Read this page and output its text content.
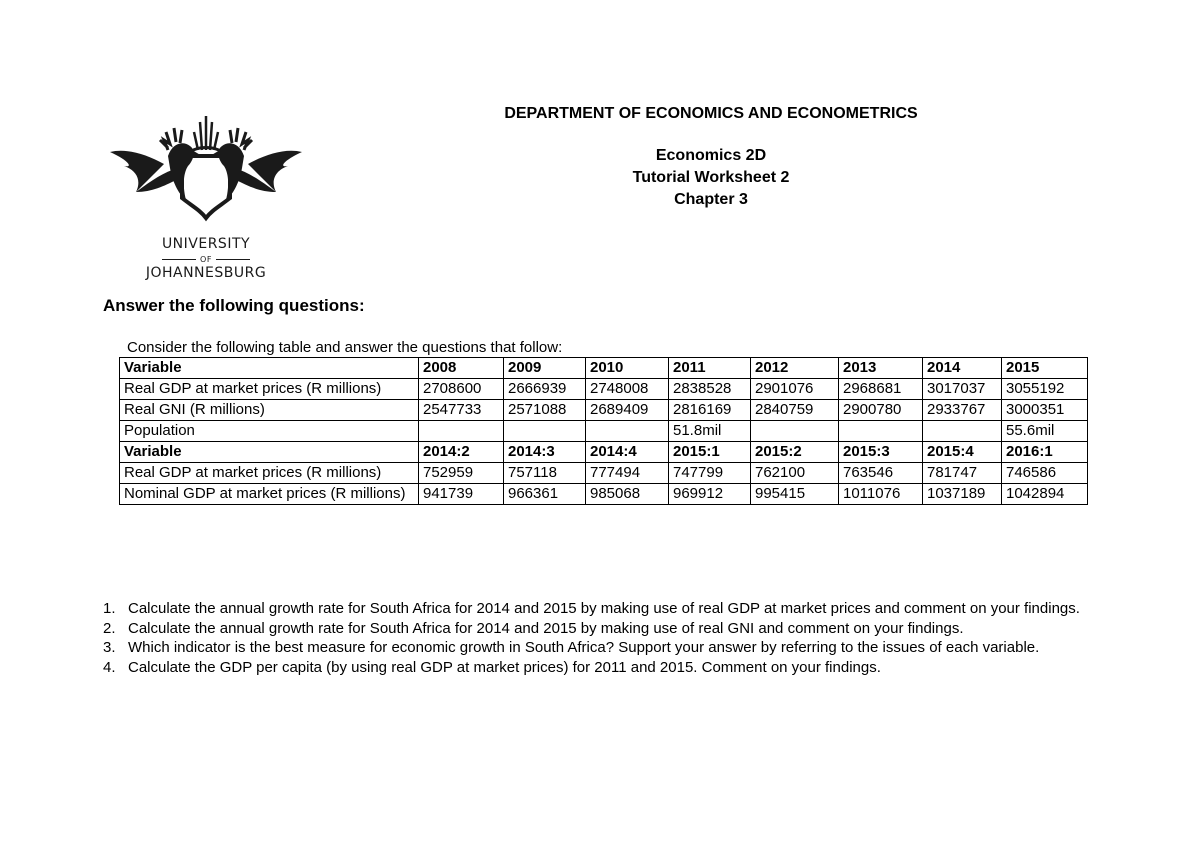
UNIVERSITY
OF
JOHANNESBURG
DEPARTMENT OF ECONOMICS AND ECONOMETRICS
Economics 2D
Tutorial Worksheet 2
Chapter 3
Answer the following questions:
Consider the following table and answer the questions that follow:
Variable	2008	2009	2010	2011	2012	2013	2014	2015
Real GDP at market prices (R millions)	2708600	2666939	2748008	2838528	2901076	2968681	3017037	3055192
Real GNI (R millions)	2547733	2571088	2689409	2816169	2840759	2900780	2933767	3000351
Population				51.8mil				55.6mil
Variable	2014:2	2014:3	2014:4	2015:1	2015:2	2015:3	2015:4	2016:1
Real GDP at market prices (R millions)	752959	757118	777494	747799	762100	763546	781747	746586
Nominal GDP at market prices (R millions)	941739	966361	985068	969912	995415	1011076	1037189	1042894
1. Calculate the annual growth rate for South Africa for 2014 and 2015 by making use of real GDP at market prices and comment on your findings.
2. Calculate the annual growth rate for South Africa for 2014 and 2015 by making use of real GNI and comment on your findings.
3. Which indicator is the best measure for economic growth in South Africa? Support your answer by referring to the issues of each variable.
4. Calculate the GDP per capita (by using real GDP at market prices) for 2011 and 2015. Comment on your findings.
